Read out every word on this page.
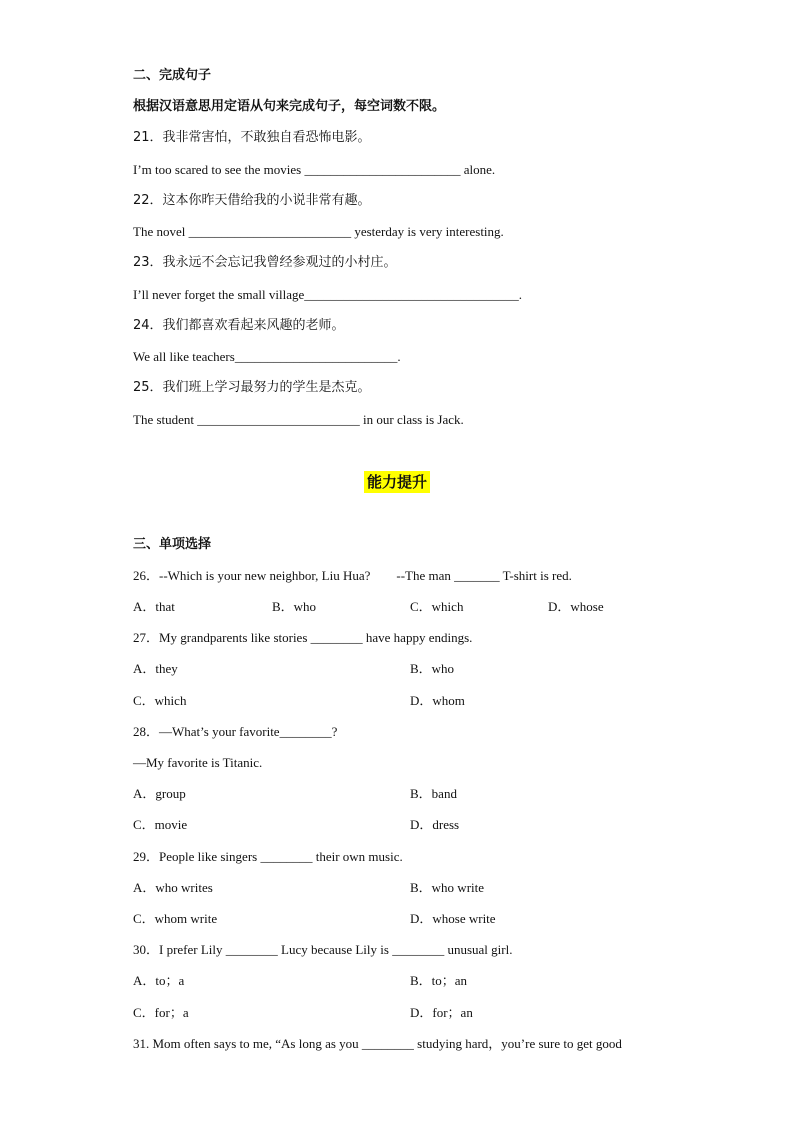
二、完成句子
根据汉语意思用定语从句来完成句子，每空词数不限。
21．我非常害怕，不敢独自看恐怖电影。
I’m too scared to see the movies ________________________ alone.
22．这本你昨天借给我的小说非常有趣。
The novel _________________________ yesterday is very interesting.
23．我永远不会忘记我曾经参观过的小村庄。
I’ll never forget the small village_________________________________.
24．我们都喜欢看起来风趣的老师。
We all like teachers_________________________.
25．我们班上学习最努力的学生是杰克。
The student _________________________ in our class is Jack.
能力提升
三、单项选择
26．--Which is your new neighbor, Liu Hua?        --The man _______ T-shirt is red.
A．that	B．who	C．which	D．whose
27．My grandparents like stories ________ have happy endings.
A．they	B．who
C．which	D．whom
28．—What’s your favorite________?
—My favorite is Titanic.
A．group	B．band
C．movie	D．dress
29．People like singers ________ their own music.
A．who writes	B．who write
C．whom write	D．whose write
30．I prefer Lily ________ Lucy because Lily is ________ unusual girl.
A．to；a	B．to；an
C．for；a	D．for；an
31. Mom often says to me, “As long as you ________ studying hard，you’re sure to get good
